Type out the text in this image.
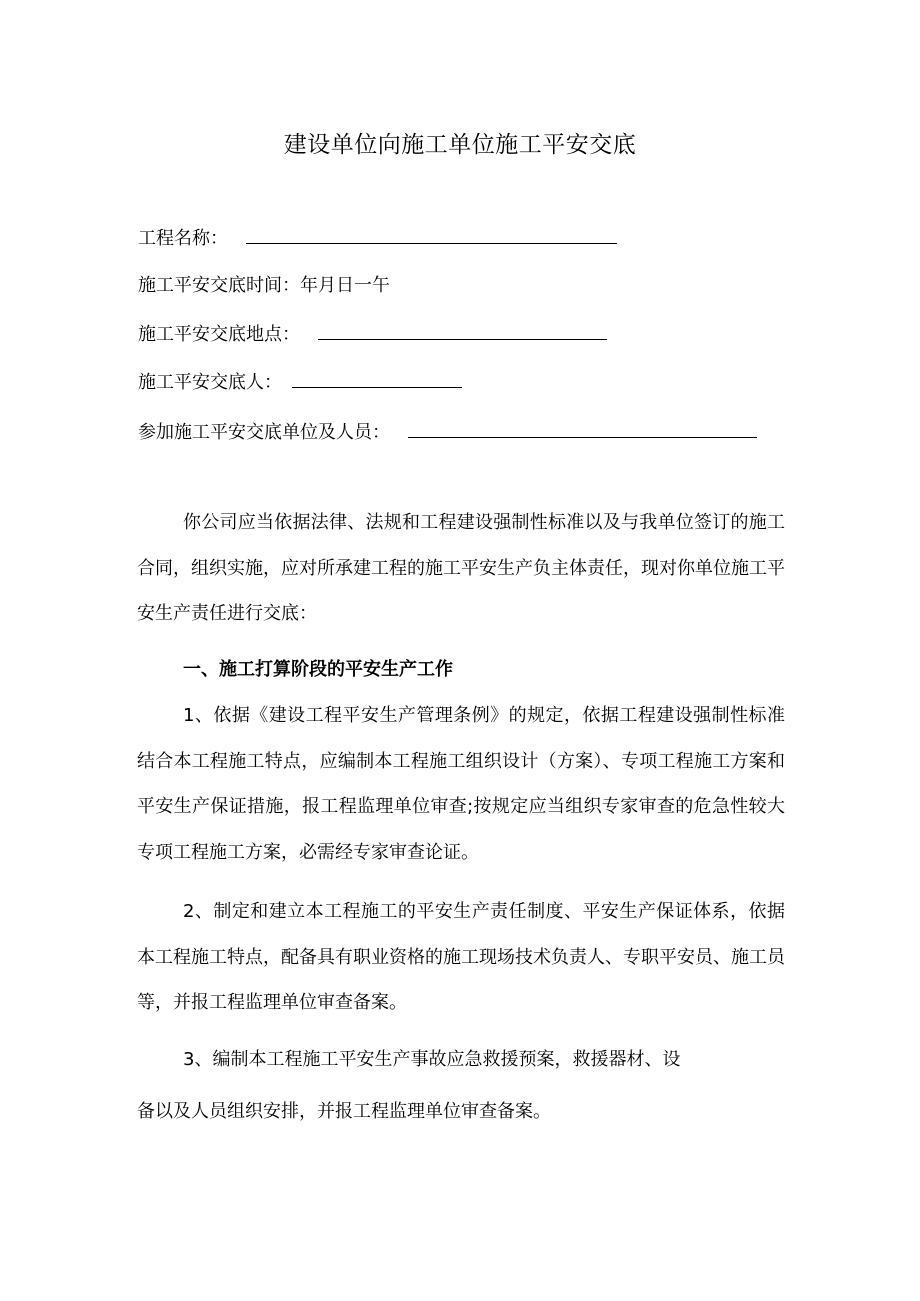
建设单位向施工单位施工平安交底
工程名称：
施工平安交底时间：年月日一午
施工平安交底地点：
施工平安交底人：
参加施工平安交底单位及人员：
你公司应当依据法律、法规和工程建设强制性标准以及与我单位签订的施工合同，组织实施，应对所承建工程的施工平安生产负主体责任，现对你单位施工平安生产责任进行交底：
一、施工打算阶段的平安生产工作
1、依据《建设工程平安生产管理条例》的规定，依据工程建设强制性标准结合本工程施工特点，应编制本工程施工组织设计（方案）、专项工程施工方案和平安生产保证措施，报工程监理单位审查;按规定应当组织专家审查的危急性较大专项工程施工方案，必需经专家审查论证。
2、制定和建立本工程施工的平安生产责任制度、平安生产保证体系，依据本工程施工特点，配备具有职业资格的施工现场技术负责人、专职平安员、施工员等，并报工程监理单位审查备案。
3、编制本工程施工平安生产事故应急救援预案，救援器材、设
备以及人员组织安排，并报工程监理单位审查备案。
